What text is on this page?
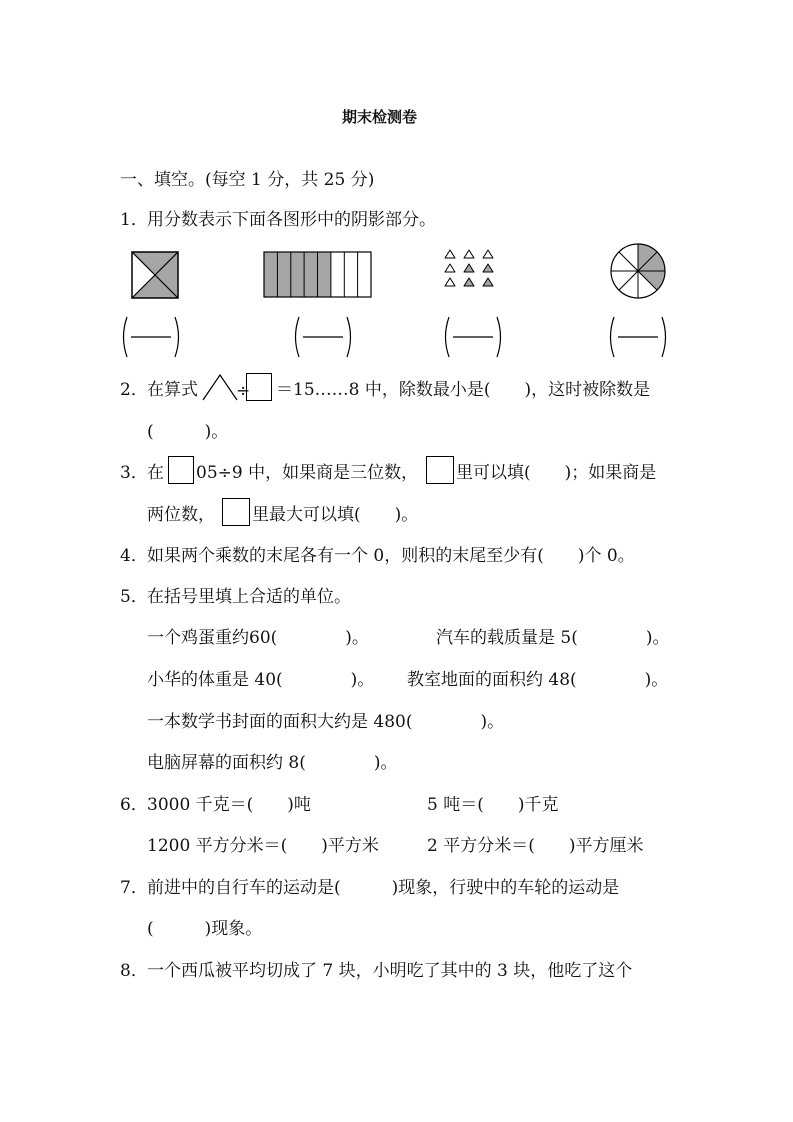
期末检测卷
一、填空。(每空 1 分，共 25 分)
1． 用分数表示下面各图形中的阴影部分。
2． 在算式 ÷ ＝15……8 中，除数最小是(　　)，这时被除数是
(　　　)。
3． 在 05÷9 中，如果商是三位数， 里可以填(　　)；如果商是
两位数， 里最大可以填(　　)。
4． 如果两个乘数的末尾各有一个 0，则积的末尾至少有(　　)个 0。
5． 在括号里填上合适的单位。
一个鸡蛋重约60(　　　　)。	汽车的载质量是 5(　　　　)。
小华的体重是 40(　　　　)。 教室地面的面积约 48(　　　　)。
一本数学书封面的面积大约是 480(　　　　)。
电脑屏幕的面积约 8(　　　　)。
6． 3000 千克＝(　　)吨	5 吨＝(　　)千克
1200 平方分米＝(　　)平方米	2 平方分米＝(　　)平方厘米
7． 前进中的自行车的运动是(　　　)现象，行驶中的车轮的运动是
(　　　)现象。
8． 一个西瓜被平均切成了 7 块，小明吃了其中的 3 块，他吃了这个
